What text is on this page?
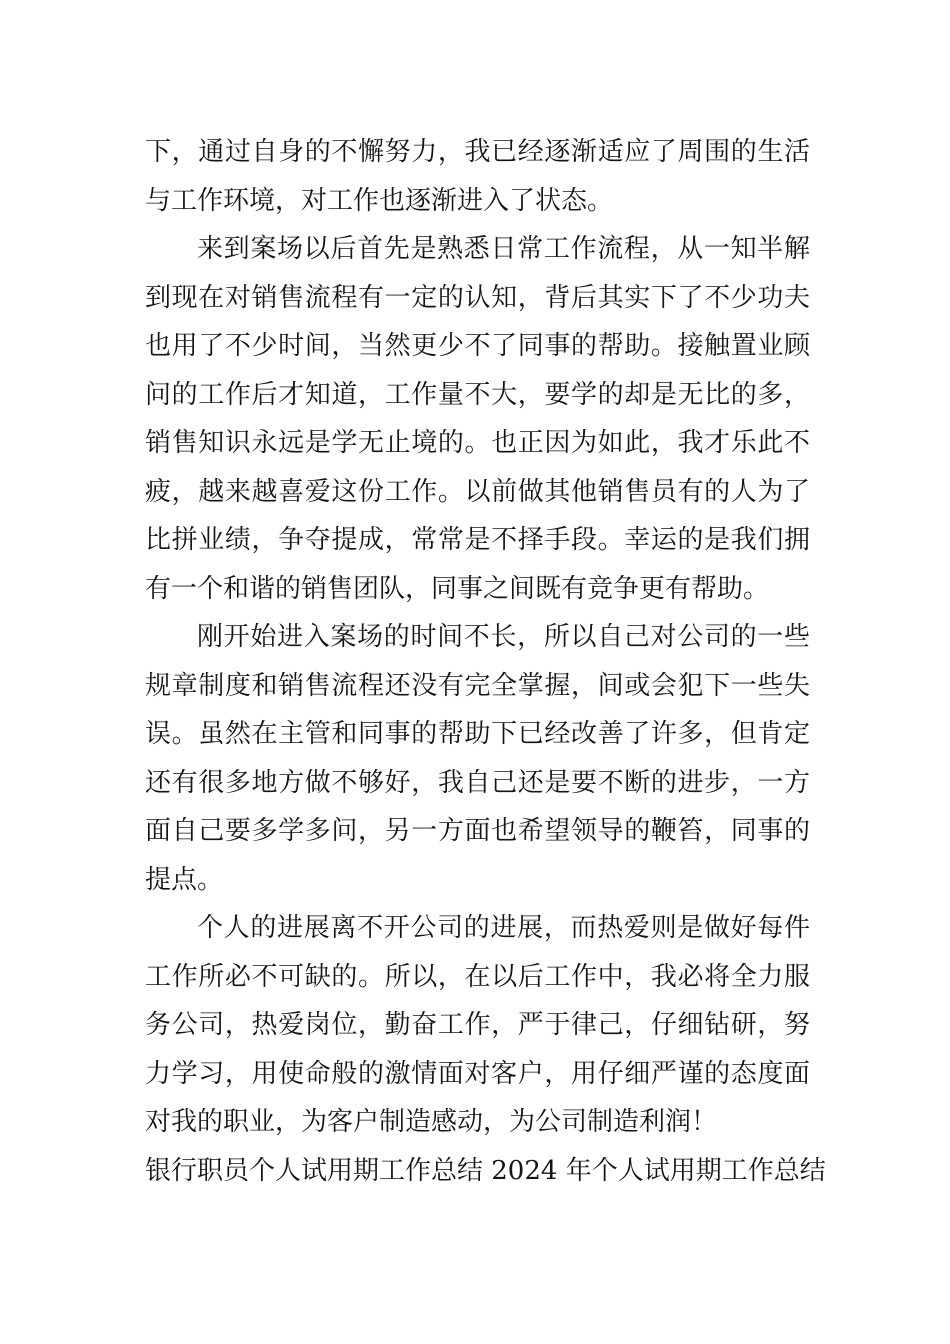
下，通过自身的不懈努力，我已经逐渐适应了周围的生活
与工作环境，对工作也逐渐进入了状态。
来到案场以后首先是熟悉日常工作流程，从一知半解
到现在对销售流程有一定的认知，背后其实下了不少功夫
也用了不少时间，当然更少不了同事的帮助。接触置业顾
问的工作后才知道，工作量不大，要学的却是无比的多，
销售知识永远是学无止境的。也正因为如此，我才乐此不
疲，越来越喜爱这份工作。以前做其他销售员有的人为了
比拼业绩，争夺提成，常常是不择手段。幸运的是我们拥
有一个和谐的销售团队，同事之间既有竞争更有帮助。
刚开始进入案场的时间不长，所以自己对公司的一些
规章制度和销售流程还没有完全掌握，间或会犯下一些失
误。虽然在主管和同事的帮助下已经改善了许多，但肯定
还有很多地方做不够好，我自己还是要不断的进步，一方
面自己要多学多问，另一方面也希望领导的鞭笞，同事的
提点。
个人的进展离不开公司的进展，而热爱则是做好每件
工作所必不可缺的。所以，在以后工作中，我必将全力服
务公司，热爱岗位，勤奋工作，严于律己，仔细钻研，努
力学习，用使命般的激情面对客户，用仔细严谨的态度面
对我的职业，为客户制造感动，为公司制造利润！
银行职员个人试用期工作总结 2024 年个人试用期工作总结
